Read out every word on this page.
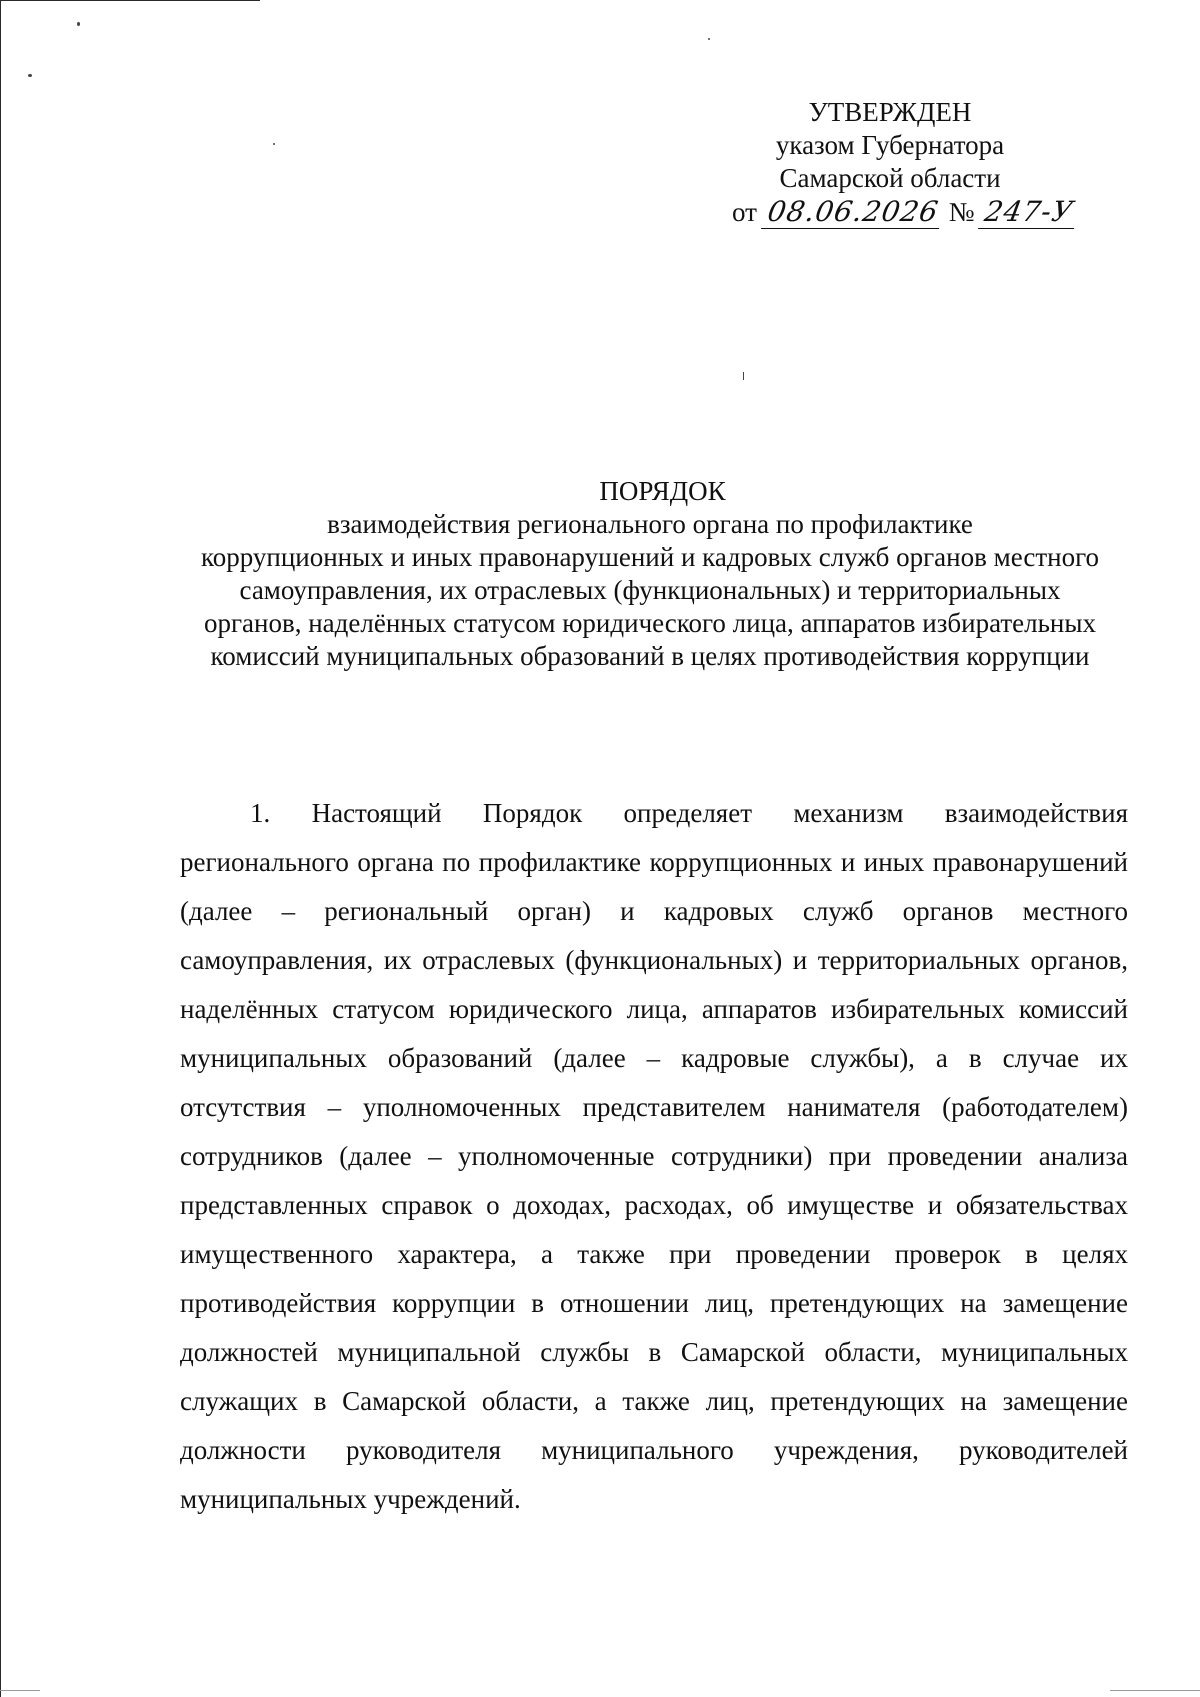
УТВЕРЖДЕН
указом Губернатора
Самарской области
от 08.06.2026 № 247-У
ПОРЯДОК
взаимодействия регионального органа по профилактике
коррупционных и иных правонарушений и кадровых служб органов местного
самоуправления, их отраслевых (функциональных) и территориальных
органов, наделённых статусом юридического лица, аппаратов избирательных
комиссий муниципальных образований в целях противодействия коррупции

1. Настоящий Порядок определяет механизм взаимодействия регионального органа по профилактике коррупционных и иных правонарушений (далее – региональный орган) и кадровых служб органов местного самоуправления, их отраслевых (функциональных) и территориальных органов, наделённых статусом юридического лица, аппаратов избирательных комиссий муниципальных образований (далее – кадровые службы), а в случае их отсутствия – уполномоченных представителем нанимателя (работодателем) сотрудников (далее – уполномоченные сотрудники) при проведении анализа представленных справок о доходах, расходах, об имуществе и обязательствах имущественного характера, а также при проведении проверок в целях противодействия коррупции в отношении лиц, претендующих на замещение должностей муниципальной службы в Самарской области, муниципальных служащих в Самарской области, а также лиц, претендующих на замещение должности руководителя муниципального учреждения, руководителей муниципальных учреждений.
